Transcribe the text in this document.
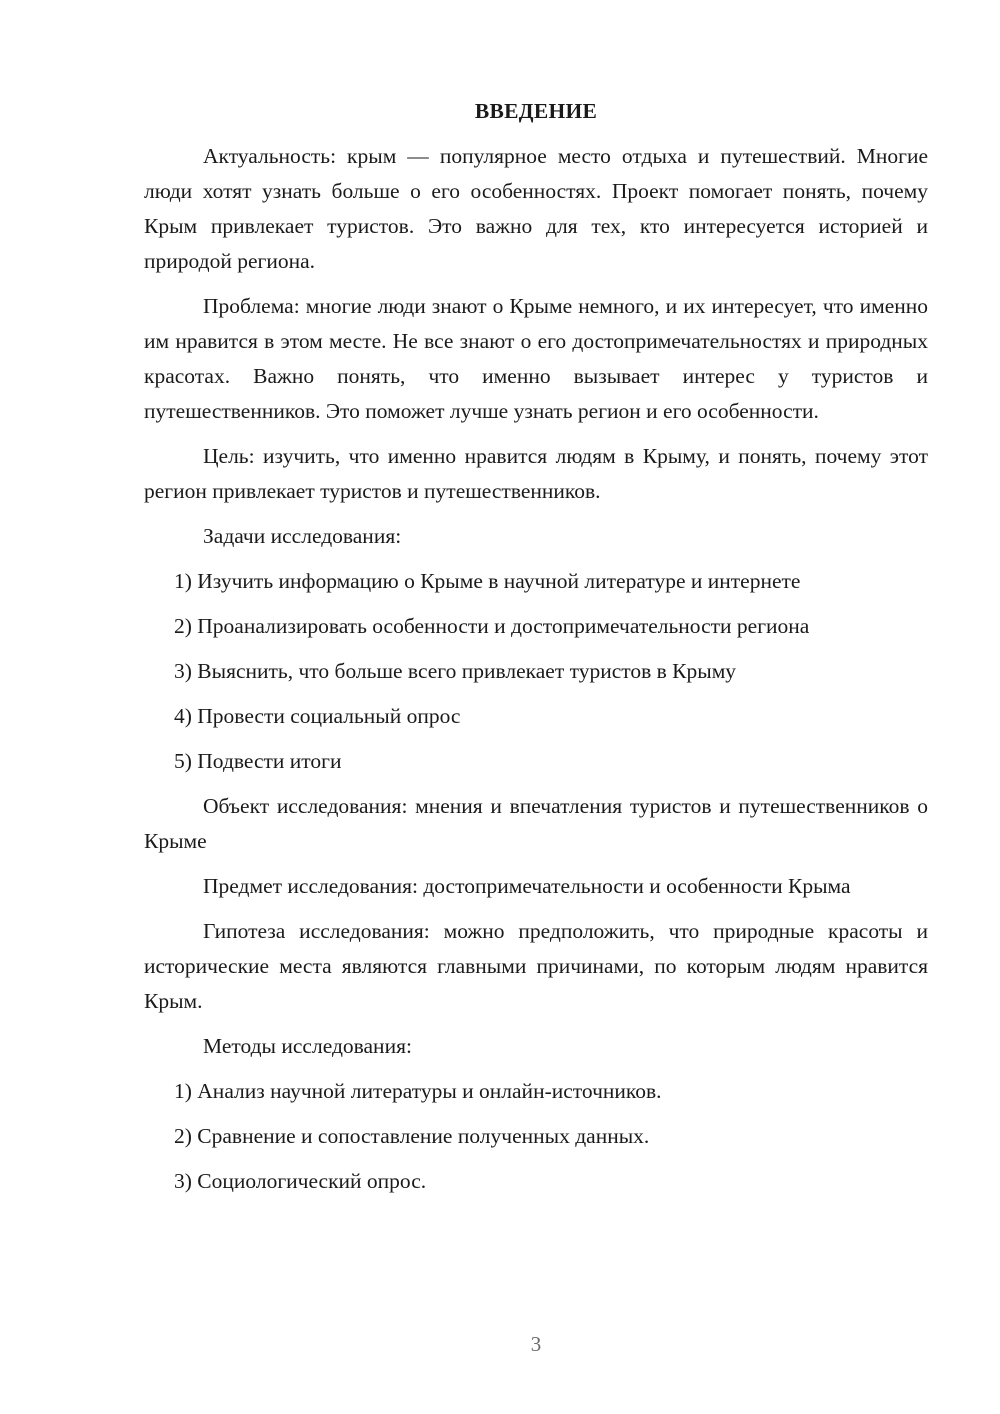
ВВЕДЕНИЕ

Актуальность: крым — популярное место отдыха и путешествий. Многие люди хотят узнать больше о его особенностях. Проект помогает понять, почему Крым привлекает туристов. Это важно для тех, кто интересуется историей и природой региона.

Проблема: многие люди знают о Крыме немного, и их интересует, что именно им нравится в этом месте. Не все знают о его достопримечательностях и природных красотах. Важно понять, что именно вызывает интерес у туристов и путешественников. Это поможет лучше узнать регион и его особенности.

Цель: изучить, что именно нравится людям в Крыму, и понять, почему этот регион привлекает туристов и путешественников.

Задачи исследования:

1) Изучить информацию о Крыме в научной литературе и интернете
2) Проанализировать особенности и достопримечательности региона
3) Выяснить, что больше всего привлекает туристов в Крыму
4) Провести социальный опрос
5) Подвести итоги

Объект исследования: мнения и впечатления туристов и путешественников о Крыме

Предмет исследования: достопримечательности и особенности Крыма

Гипотеза исследования: можно предположить, что природные красоты и исторические места являются главными причинами, по которым людям нравится Крым.

Методы исследования:

1) Анализ научной литературы и онлайн-источников.
2) Сравнение и сопоставление полученных данных.
3) Социологический опрос.
3
